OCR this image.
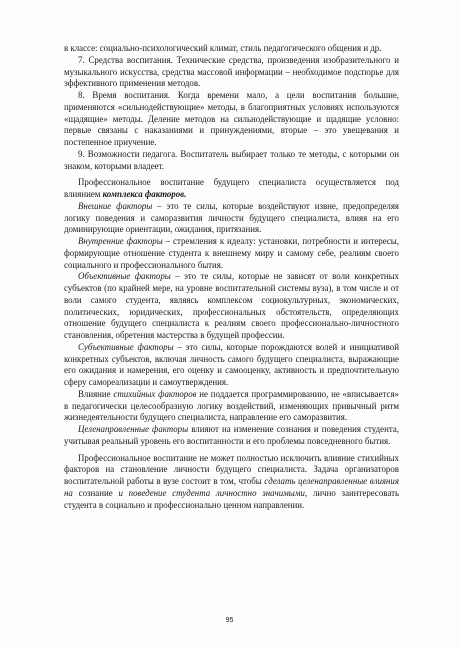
в классе: социально-психологический климат, стиль педагогического общения и др.

7. Средства воспитания. Технические средства, произведения изобразительного и музыкального искусства, средства массовой информации – необходимое подспорье для эффективного применения методов.

8. Время воспитания. Когда времени мало, а цели воспитания большие, применяются «сильнодействующие» методы, в благоприятных условиях используются «щадящие» методы. Деление методов на сильнодействующие и щадящие условно: первые связаны с наказаниями и принуждениями, вторые – это увещевания и постепенное приучение.

9. Возможности педагога. Воспитатель выбирает только те методы, с которыми он знаком, которыми владеет.

Профессиональное воспитание будущего специалиста осуществляется под влиянием комплекса факторов.

Внешние факторы – это те силы, которые воздействуют извне, предопределяя логику поведения и саморазвития личности будущего специалиста, влияя на его доминирующие ориентации, ожидания, притязания.

Внутренние факторы – стремления к идеалу: установки, потребности и интересы, формирующие отношение студента к внешнему миру и самому себе, реалиям своего социального и профессионального бытия.

Объективные факторы – это те силы, которые не зависят от воли конкретных субъектов (по крайней мере, на уровне воспитательной системы вуза), в том числе и от воли самого студента, являясь комплексом социокультурных, экономических, политических, юридических, профессиональных обстоятельств, определяющих отношение будущего специалиста к реалиям своего профессионально-личностного становления, обретения мастерства в будущей профессии.

Субъективные факторы – это силы, которые порождаются волей и инициативой конкретных субъектов, включая личность самого будущего специалиста, выражающие его ожидания и намерения, его оценку и самооценку, активность и предпочтительную сферу самореализации и самоутверждения.

Влияние стихийных факторов не поддается программированию, не «вписывается» в педагогически целесообразную логику воздействий, изменяющих привычный ритм жизнедеятельности будущего специалиста, направление его саморазвития.

Целенаправленные факторы влияют на изменение сознания и поведения студента, учитывая реальный уровень его воспитанности и его проблемы повседневного бытия.

Профессиональное воспитание не может полностью исключить влияние стихийных факторов на становление личности будущего специалиста. Задача организаторов воспитательной работы в вузе состоит в том, чтобы сделать целенаправленные влияния на сознание и поведение студента личностно значимыми, лично заинтересовать студента в социально и профессионально ценном направлении.

95
